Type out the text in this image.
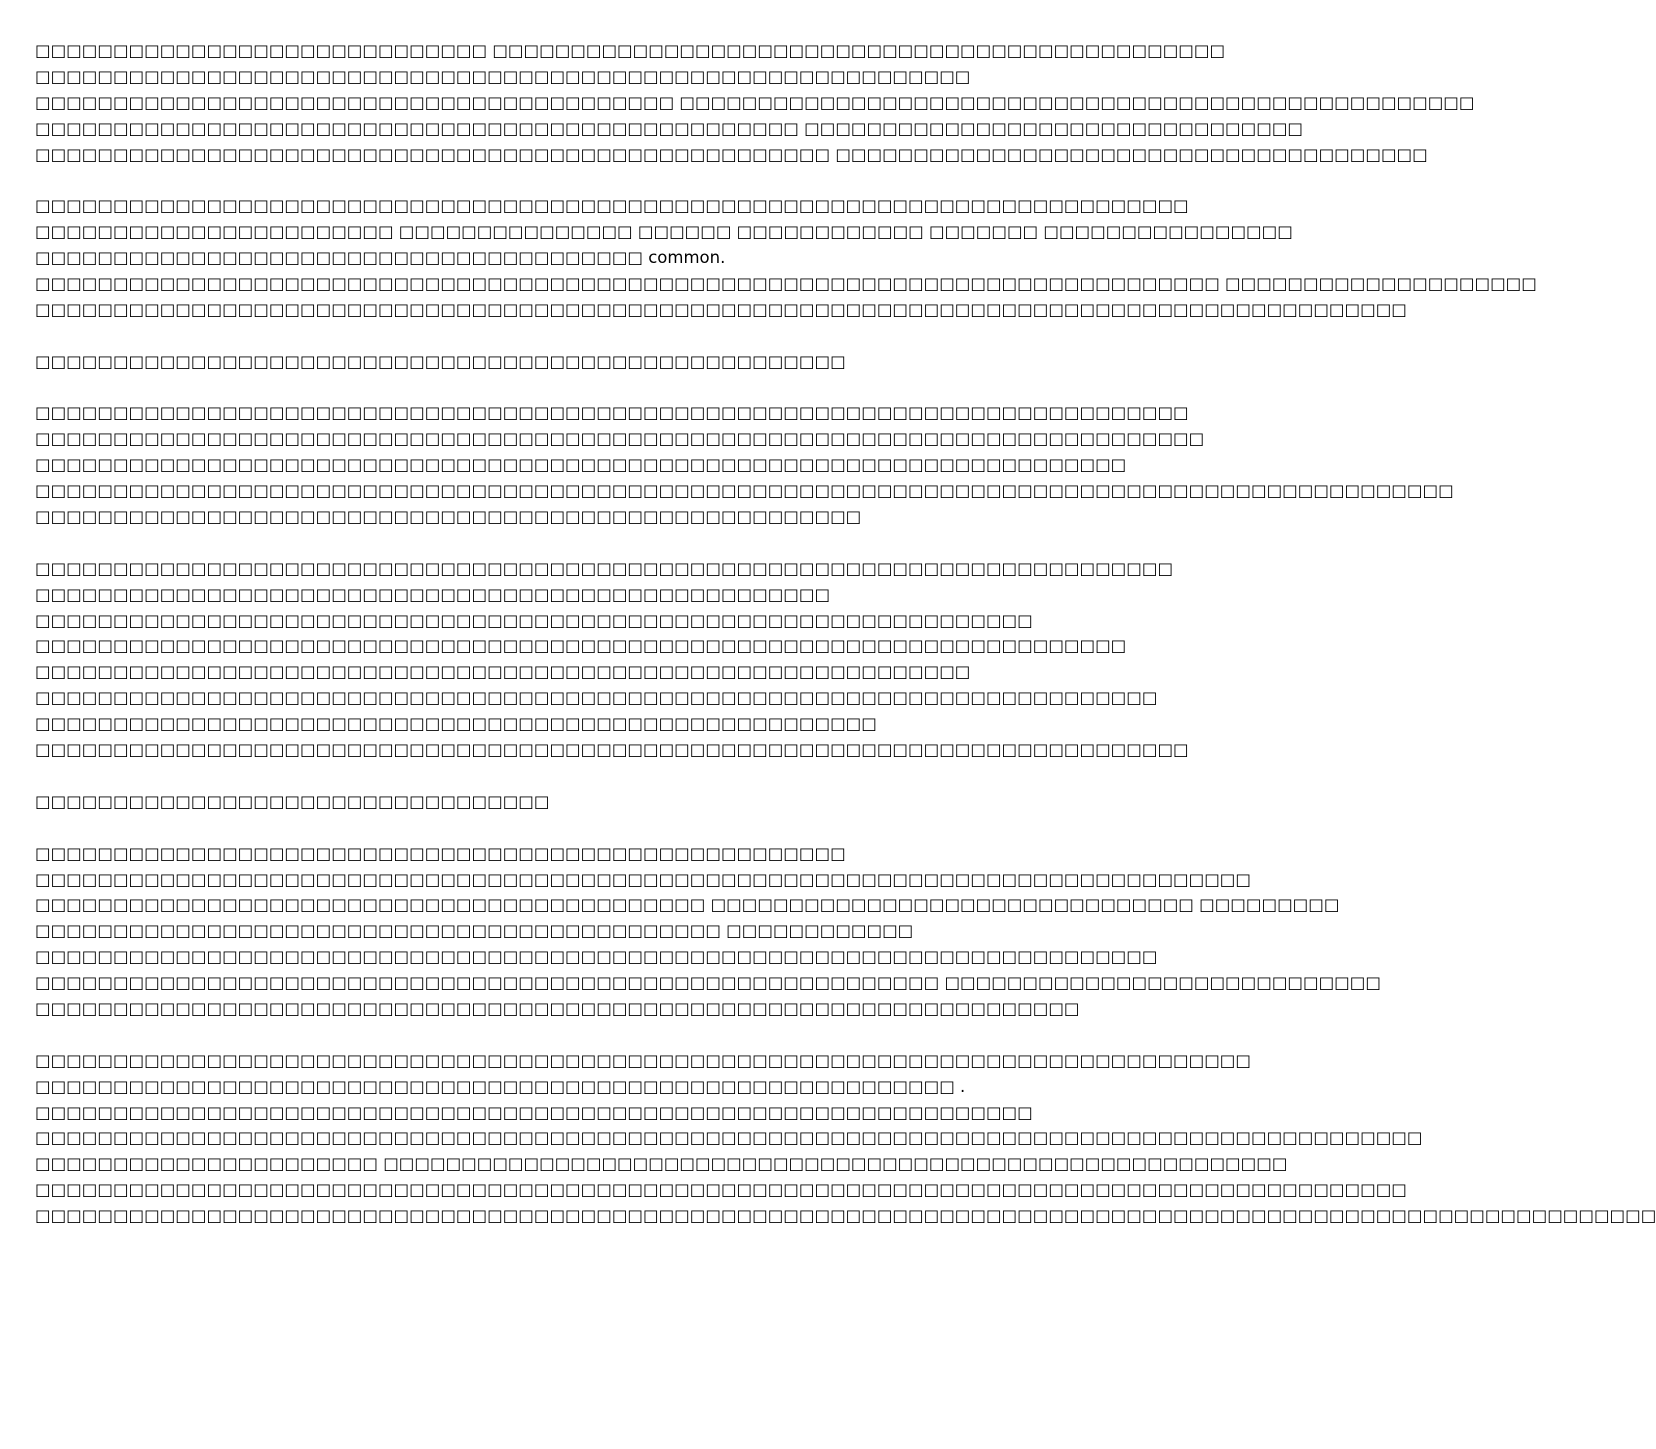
□□□□□□□□□□□□□□□□□□□□□□□□□□□□□ □□□□□□□□□□□□□□□□□□□□□□□□□□□□□□□□□□□□□□□□□□□□□□□
□□□□□□□□□□□□□□□□□□□□□□□□□□□□□□□□□□□□□□□□□□□□□□□□□□□□□□□□□□□□
□□□□□□□□□□□□□□□□□□□□□□□□□□□□□□□□□□□□□□□□□ □□□□□□□□□□□□□□□□□□□□□□□□□□□□□□□□□□□□□□□□□□□□□□□□□□□
□□□□□□□□□□□□□□□□□□□□□□□□□□□□□□□□□□□□□□□□□□□□□□□□□ □□□□□□□□□□□□□□□□□□□□□□□□□□□□□□□□
□□□□□□□□□□□□□□□□□□□□□□□□□□□□□□□□□□□□□□□□□□□□□□□□□□□ □□□□□□□□□□□□□□□□□□□□□□□□□□□□□□□□□□□□□□
□□□□□□□□□□□□□□□□□□□□□□□□□□□□□□□□□□□□□□□□□□□□□□□□□□□□□□□□□□□□□□□□□□□□□□□□□□
□□□□□□□□□□□□□□□□□□□□□□□ □□□□□□□□□□□□□□□ □□□□□□ □□□□□□□□□□□□ □□□□□□□ □□□□□□□□□□□□□□□□
□□□□□□□□□□□□□□□□□□□□□□□□□□□□□□□□□□□□□□□ common.
□□□□□□□□□□□□□□□□□□□□□□□□□□□□□□□□□□□□□□□□□□□□□□□□□□□□□□□□□□□□□□□□□□□□□□□□□□□□ □□□□□□□□□□□□□□□□□□□□
□□□□□□□□□□□□□□□□□□□□□□□□□□□□□□□□□□□□□□□□□□□□□□□□□□□□□□□□□□□□□□□□□□□□□□□□□□□□□□□□□□□□□□□□
□□□□□□□□□□□□□□□□□□□□□□□□□□□□□□□□□□□□□□□□□□□□□□□□□□□□
□□□□□□□□□□□□□□□□□□□□□□□□□□□□□□□□□□□□□□□□□□□□□□□□□□□□□□□□□□□□□□□□□□□□□□□□□□
□□□□□□□□□□□□□□□□□□□□□□□□□□□□□□□□□□□□□□□□□□□□□□□□□□□□□□□□□□□□□□□□□□□□□□□□□□□
□□□□□□□□□□□□□□□□□□□□□□□□□□□□□□□□□□□□□□□□□□□□□□□□□□□□□□□□□□□□□□□□□□□□□□
□□□□□□□□□□□□□□□□□□□□□□□□□□□□□□□□□□□□□□□□□□□□□□□□□□□□□□□□□□□□□□□□□□□□□□□□□□□□□□□□□□□□□□□□□□□
□□□□□□□□□□□□□□□□□□□□□□□□□□□□□□□□□□□□□□□□□□□□□□□□□□□□□
□□□□□□□□□□□□□□□□□□□□□□□□□□□□□□□□□□□□□□□□□□□□□□□□□□□□□□□□□□□□□□□□□□□□□□□□□
□□□□□□□□□□□□□□□□□□□□□□□□□□□□□□□□□□□□□□□□□□□□□□□□□□□
□□□□□□□□□□□□□□□□□□□□□□□□□□□□□□□□□□□□□□□□□□□□□□□□□□□□□□□□□□□□□□□□
□□□□□□□□□□□□□□□□□□□□□□□□□□□□□□□□□□□□□□□□□□□□□□□□□□□□□□□□□□□□□□□□□□□□□□
□□□□□□□□□□□□□□□□□□□□□□□□□□□□□□□□□□□□□□□□□□□□□□□□□□□□□□□□□□□□
□□□□□□□□□□□□□□□□□□□□□□□□□□□□□□□□□□□□□□□□□□□□□□□□□□□□□□□□□□□□□□□□□□□□□□□□
□□□□□□□□□□□□□□□□□□□□□□□□□□□□□□□□□□□□□□□□□□□□□□□□□□□□□□
□□□□□□□□□□□□□□□□□□□□□□□□□□□□□□□□□□□□□□□□□□□□□□□□□□□□□□□□□□□□□□□□□□□□□□□□□□
□□□□□□□□□□□□□□□□□□□□□□□□□□□□□□□□□
□□□□□□□□□□□□□□□□□□□□□□□□□□□□□□□□□□□□□□□□□□□□□□□□□□□□
□□□□□□□□□□□□□□□□□□□□□□□□□□□□□□□□□□□□□□□□□□□□□□□□□□□□□□□□□□□□□□□□□□□□□□□□□□□□□□
□□□□□□□□□□□□□□□□□□□□□□□□□□□□□□□□□□□□□□□□□□□ □□□□□□□□□□□□□□□□□□□□□□□□□□□□□□□ □□□□□□□□□
□□□□□□□□□□□□□□□□□□□□□□□□□□□□□□□□□□□□□□□□□□□□ □□□□□□□□□□□□
□□□□□□□□□□□□□□□□□□□□□□□□□□□□□□□□□□□□□□□□□□□□□□□□□□□□□□□□□□□□□□□□□□□□□□□□
□□□□□□□□□□□□□□□□□□□□□□□□□□□□□□□□□□□□□□□□□□□□□□□□□□□□□□□□□□ □□□□□□□□□□□□□□□□□□□□□□□□□□□□
□□□□□□□□□□□□□□□□□□□□□□□□□□□□□□□□□□□□□□□□□□□□□□□□□□□□□□□□□□□□□□□□□□□
□□□□□□□□□□□□□□□□□□□□□□□□□□□□□□□□□□□□□□□□□□□□□□□□□□□□□□□□□□□□□□□□□□□□□□□□□□□□□□
□□□□□□□□□□□□□□□□□□□□□□□□□□□□□□□□□□□□□□□□□□□□□□□□□□□□□□□□□□□ .
□□□□□□□□□□□□□□□□□□□□□□□□□□□□□□□□□□□□□□□□□□□□□□□□□□□□□□□□□□□□□□□□
□□□□□□□□□□□□□□□□□□□□□□□□□□□□□□□□□□□□□□□□□□□□□□□□□□□□□□□□□□□□□□□□□□□□□□□□□□□□□□□□□□□□□□□□□
□□□□□□□□□□□□□□□□□□□□□□ □□□□□□□□□□□□□□□□□□□□□□□□□□□□□□□□□□□□□□□□□□□□□□□□□□□□□□□□□□
□□□□□□□□□□□□□□□□□□□□□□□□□□□□□□□□□□□□□□□□□□□□□□□□□□□□□□□□□□□□□□□□□□□□□□□□□□□□□□□□□□□□□□□□
□□□□□□□□□□□□□□□□□□□□□□□□□□□□□□□□□□□□□□□□□□□□□□□□□□□□□□□□□□□□□□□□□□□□□□□□□□□□□□□□□□□□□□□□□□□□□□□□□□□□□□□□
